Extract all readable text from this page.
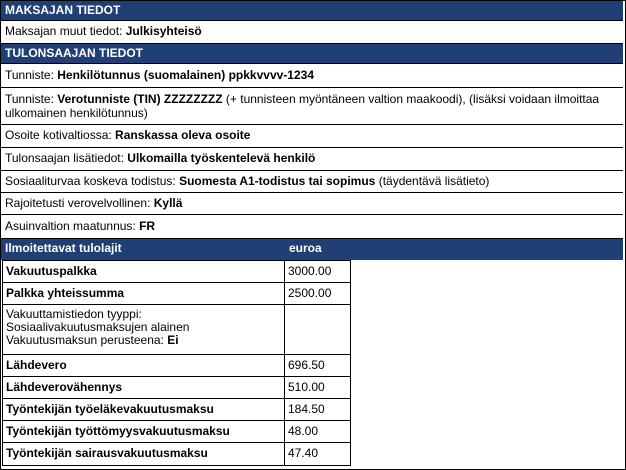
MAKSAJAN TIEDOT
Maksajan muut tiedot: Julkisyhteisö
TULONSAAJAN TIEDOT
Tunniste: Henkilötunnus (suomalainen) ppkkvvvv-1234
Tunniste: Verotunniste (TIN) ZZZZZZZZ (+ tunnisteen myöntäneen valtion maakoodi), (lisäksi voidaan ilmoittaa ulkomainen henkilötunnus)
Osoite kotivaltiossa: Ranskassa oleva osoite
Tulonsaajan lisätiedot: Ulkomailla työskentelevä henkilö
Sosiaaliturvaa koskeva todistus: Suomesta A1-todistus tai sopimus (täydentävä lisätieto)
Rajoitetusti verovelvollinen: Kyllä
Asuinvaltion maatunnus: FR
Ilmoitettavat tulolajit	euroa
Vakuutuspalkka	3000.00
Palkka yhteissumma	2500.00
Vakuuttamistiedon tyyppi:
Sosiaalivakuutusmaksujen alainen
Vakuutusmaksun perusteena: Ei
Lähdevero	696.50
Lähdeverovähennys	510.00
Työntekijän työeläkevakuutusmaksu	184.50
Työntekijän työttömyysvakuutusmaksu	48.00
Työntekijän sairausvakuutusmaksu	47.40
